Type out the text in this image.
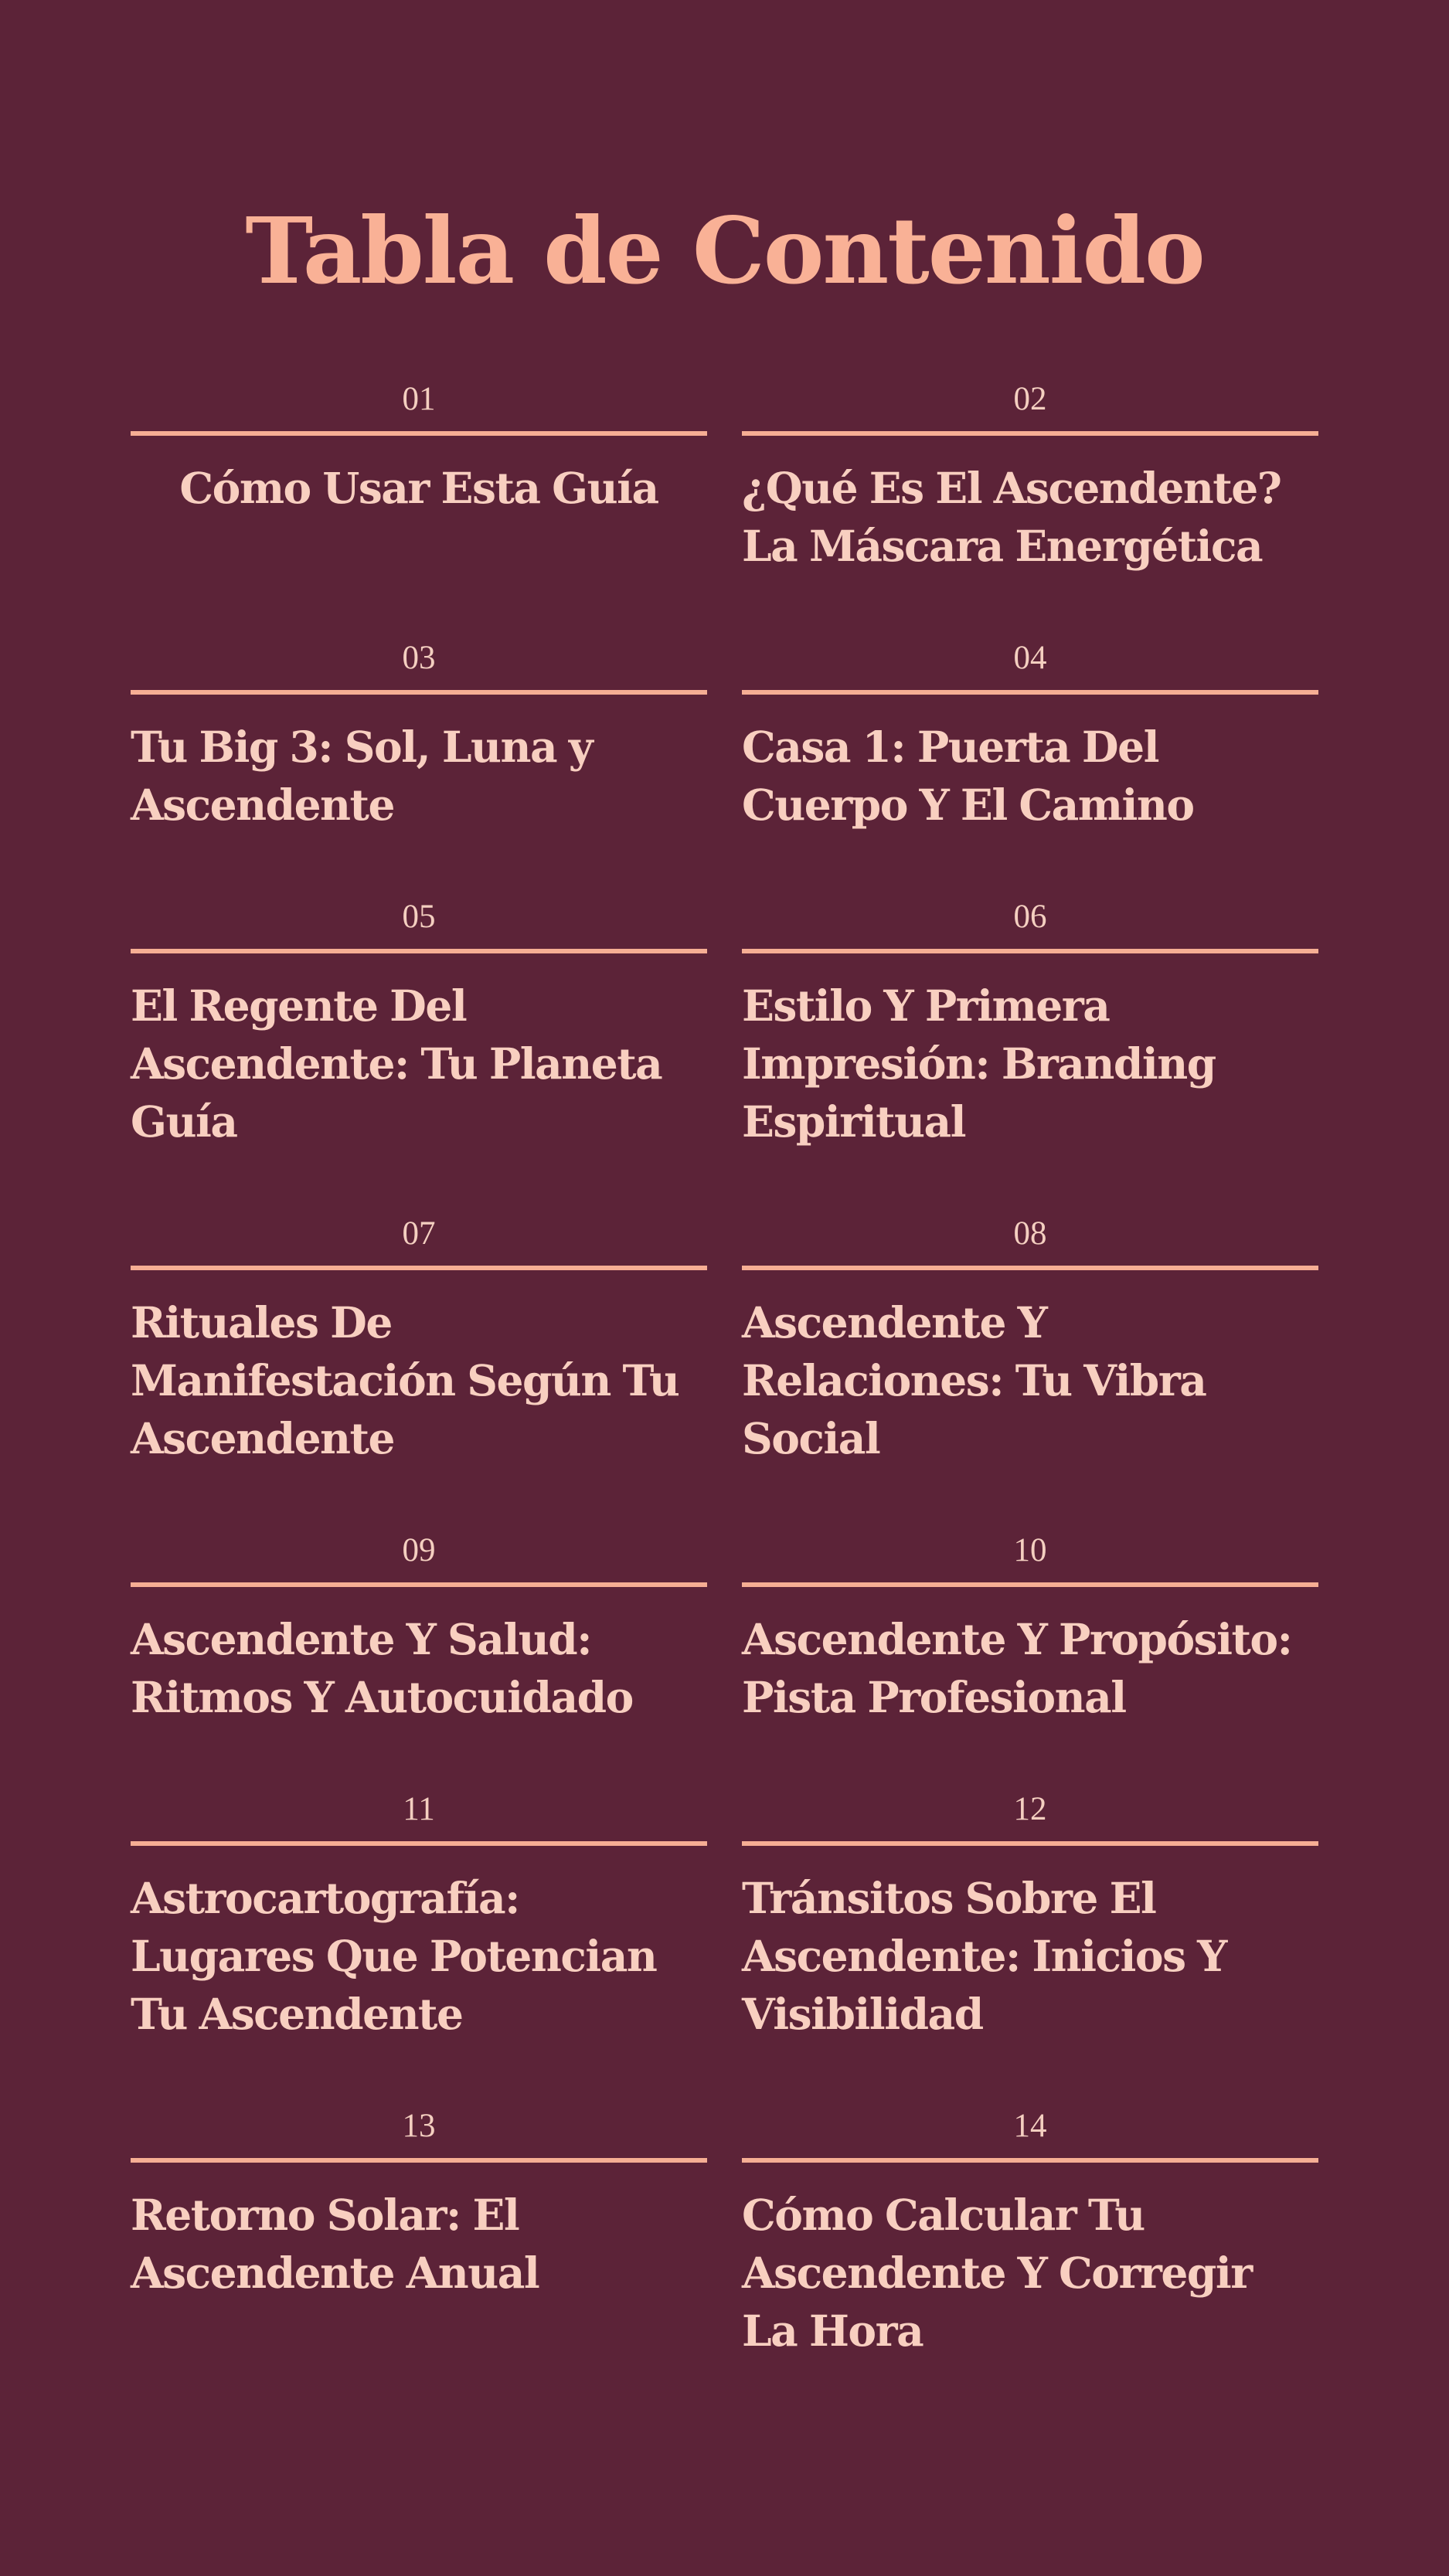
Tabla de Contenido
01
Cómo Usar Esta Guía
02
¿Qué Es El Ascendente? La Máscara Energética
03
Tu Big 3: Sol, Luna y Ascendente
04
Casa 1: Puerta Del Cuerpo Y El Camino
05
El Regente Del Ascendente: Tu Planeta Guía
06
Estilo Y Primera Impresión: Branding Espiritual
07
Rituales De Manifestación Según Tu Ascendente
08
Ascendente Y Relaciones: Tu Vibra Social
09
Ascendente Y Salud: Ritmos Y Autocuidado
10
Ascendente Y Propósito: Pista Profesional
11
Astrocartografía: Lugares Que Potencian Tu Ascendente
12
Tránsitos Sobre El Ascendente: Inicios Y Visibilidad
13
Retorno Solar: El Ascendente Anual
14
Cómo Calcular Tu Ascendente Y Corregir La Hora
